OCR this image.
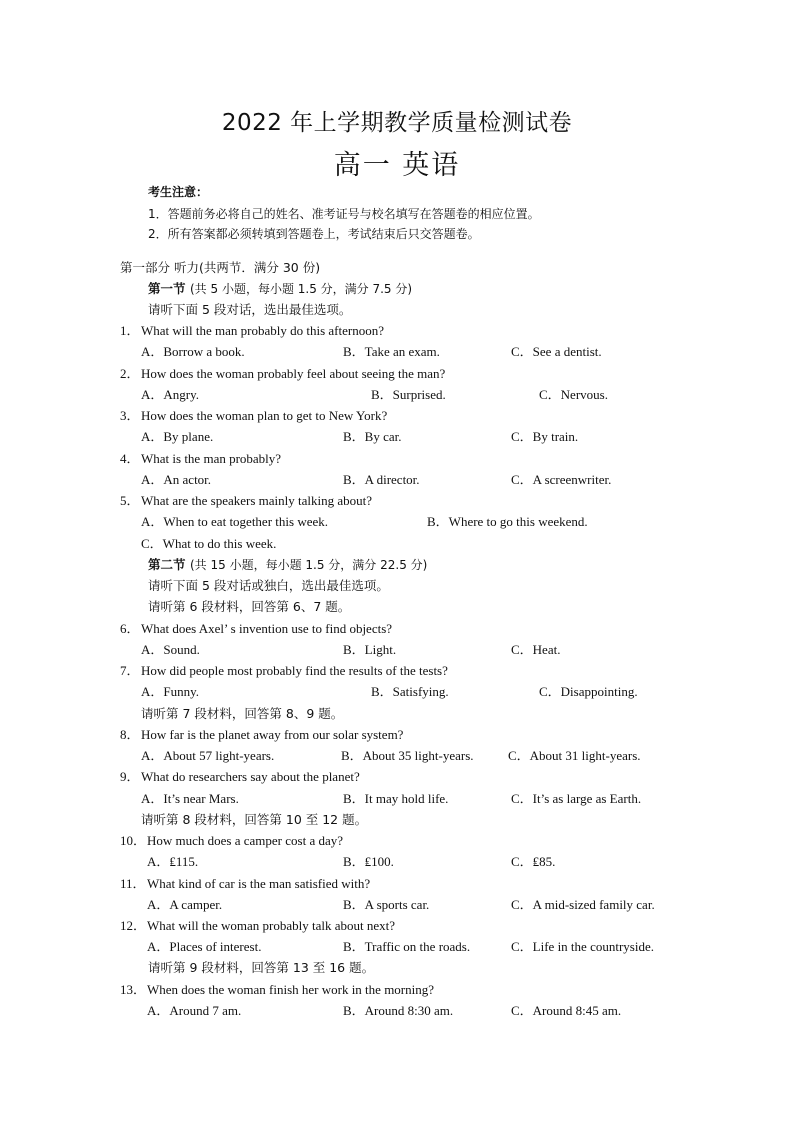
2022 年上学期教学质量检测试卷
高一 英语
考生注意：
1．答题前务必将自己的姓名、准考证号与校名填写在答题卷的相应位置。
2．所有答案都必须转填到答题卷上，考试结束后只交答题卷。
第一部分 听力(共两节．满分 30 份)
第一节 (共 5 小题，每小题 1.5 分，满分 7.5 分)
请听下面 5 段对话，选出最佳选项。
1． What will the man probably do this afternoon?
A．Borrow a book.	B．Take an exam.	C．See a dentist.
2． How does the woman probably feel about seeing the man?
A．Angry.	B．Surprised.	C．Nervous.
3． How does the woman plan to get to New York?
A．By plane.	B．By car.	C．By train.
4． What is the man probably?
A．An actor.	B．A director.	C．A screenwriter.
5． What are the speakers mainly talking about?
A．When to eat together this week.	B．Where to go this weekend.
C．What to do this week.
第二节 (共 15 小题，每小题 1.5 分，满分 22.5 分)
请听下面 5 段对话或独白，选出最佳选项。
请听第 6 段材料，回答第 6、7 题。
6． What does Axel’ s invention use to find objects?
A．Sound.	B．Light.	C．Heat.
7． How did people most probably find the results of the tests?
A．Funny.	B．Satisfying.	C．Disappointing.
请听第 7 段材料，回答第 8、9 题。
8． How far is the planet away from our solar system?
A．About 57 light-years.	B．About 35 light-years.	C．About 31 light-years.
9． What do researchers say about the planet?
A．It’s near Mars.	B．It may hold life.	C．It’s as large as Earth.
请听第 8 段材料，回答第 10 至 12 题。
10． How much does a camper cost a day?
A．₤115.	B．₤100.	C．₤85.
11． What kind of car is the man satisfied with?
A．A camper.	B．A sports car.	C．A mid-sized family car.
12． What will the woman probably talk about next?
A．Places of interest.	B．Traffic on the roads.	C．Life in the countryside.
请听第 9 段材料，回答第 13 至 16 题。
13． When does the woman finish her work in the morning?
A．Around 7 am.	B．Around 8:30 am.	C．Around 8:45 am.
